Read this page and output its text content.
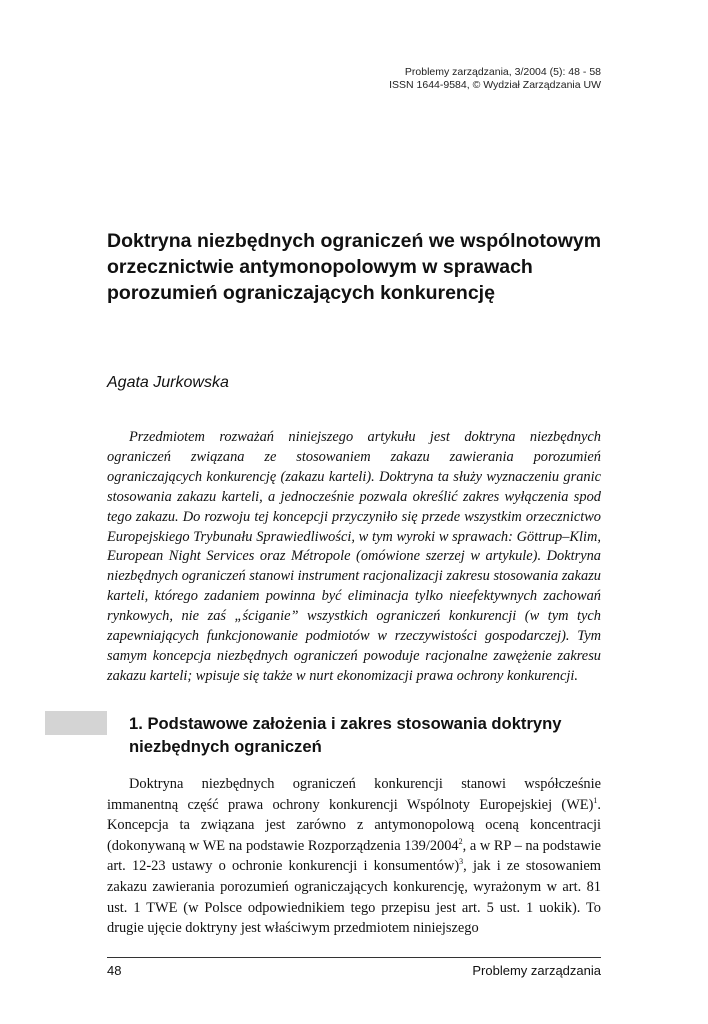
Problemy zarządzania, 3/2004 (5): 48 - 58
ISSN 1644-9584, © Wydział Zarządzania UW
Doktryna niezbędnych ograniczeń we wspólnotowym orzecznictwie antymonopolowym w sprawach porozumień ograniczających konkurencję

Agata Jurkowska

Przedmiotem rozważań niniejszego artykułu jest doktryna niezbędnych ograniczeń związana ze stosowaniem zakazu zawierania porozumień ograniczających konkurencję (zakazu karteli). Doktryna ta służy wyznaczeniu granic stosowania zakazu karteli, a jednocześnie pozwala określić zakres wyłączenia spod tego zakazu. Do rozwoju tej koncepcji przyczyniło się przede wszystkim orzecznictwo Europejskiego Trybunału Sprawiedliwości, w tym wyroki w sprawach: Göttrup–Klim, European Night Services oraz Métropole (omówione szerzej w artykule). Doktryna niezbędnych ograniczeń stanowi instrument racjonalizacji zakresu stosowania zakazu karteli, którego zadaniem powinna być eliminacja tylko nieefektywnych zachowań rynkowych, nie zaś „ściganie” wszystkich ograniczeń konkurencji (w tym tych zapewniających funkcjonowanie podmiotów w rzeczywistości gospodarczej). Tym samym koncepcja niezbędnych ograniczeń powoduje racjonalne zawężenie zakresu zakazu karteli; wpisuje się także w nurt ekonomizacji prawa ochrony konkurencji.

1. Podstawowe założenia i zakres stosowania doktryny niezbędnych ograniczeń

Doktryna niezbędnych ograniczeń konkurencji stanowi współcześnie immanentną część prawa ochrony konkurencji Wspólnoty Europejskiej (WE)$^1$. Koncepcja ta związana jest zarówno z antymonopolową oceną koncentracji (dokonywaną w WE na podstawie Rozporządzenia 139/2004$^2$, a w RP – na podstawie art. 12-23 ustawy o ochronie konkurencji i konsumentów)$^3$, jak i ze stosowaniem zakazu zawierania porozumień ograniczających konkurencję, wyrażonym w art. 81 ust. 1 TWE (w Polsce odpowiednikiem tego przepisu jest art. 5 ust. 1 uokik). To drugie ujęcie doktryny jest właściwym przedmiotem niniejszego

48	Problemy zarządzania
